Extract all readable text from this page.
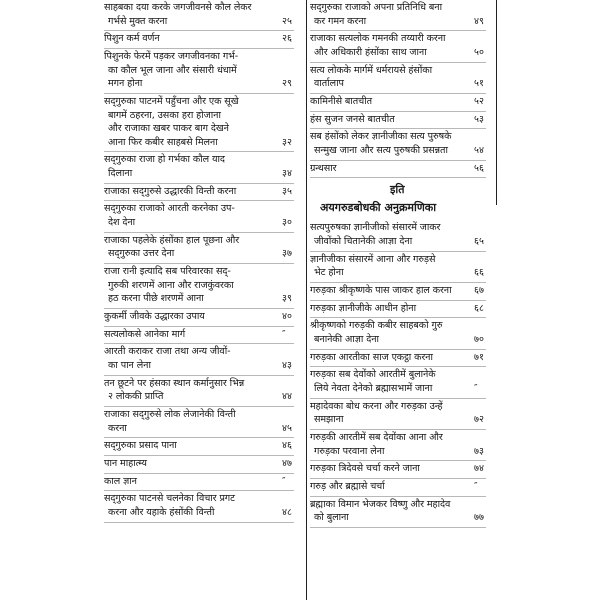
साहबका दया करके जगजीवनसे कौल लेकर
गर्भसे मुक्त करना	२५
पिशुन कर्म वर्णन	२६
पिशुनके फेरमें पड़कर जगजीवनका गर्भ-
का कौल भूल जाना और संसारी धंधामें
मगन होना	२९
सद्‌गुरुका पाटनमें पहुँचना और एक सूखे
बागमें ठहरना, उसका हरा होजाना
और राजाका खबर पाकर बाग देखने
आना फिर कबीर साहबसे मिलना	३२
सद्‌गुरुका राजा हो गर्भका कौल याद
दिलाना	३४
राजाका सद्‌गुरुसे उद्धारकी विन्ती करना	३५
सद्‌गुरुका राजाको आरती करनेका उप-
देश देना	३०
राजाका पहलेके हंसोंका हाल पूछना और
सद्‌गुरुका उत्तर देना	३७
राजा रानी इत्यादि सब परिवारका सद्‌-
गुरुकी शरणमें आना और राजकुंवरका
हठ करना पीछे शरणमें आना	३९
कुकर्मी जीवके उद्धारका उपाय	४०
सत्यलोकसे आनेका मार्ग	″
आरती कराकर राजा तथा अन्य जीवों-
का पान लेना	४३
तन छूटने पर हंसका स्थान कर्मानुसार भिन्न
२ लोककी प्राप्ति	४४
राजाका सद्‌गुरुसे लोक लेजानेकी विन्ती
करना	४५
सद्‌गुरुका प्रसाद पाना	४६
पान माहात्म्य	४७
काल ज्ञान	″
सद्‌गुरुका पाटनसे चलनेका विचार प्रगट
करना और यहाके हंसोंकी विन्ती	४८
सद्‌गुरुका राजाको अपना प्रतिनिधि बना
कर गमन करना	४९
राजाका सत्यलोक गमनकी तय्यारी करना
और अधिकारी हंसोंका साथ जाना	५०
सत्य लोकके मार्गमें धर्मरायसे हंसोंका
वार्तालाप	५१
कामिनीसे बातचीत	५२
हंस सुजन जनसे बातचीत	५३
सब हंसोंको लेकर ज्ञानीजीका सत्य पुरुषके
सन्मुख जाना और सत्य पुरुषकी प्रसन्नता	५४
ग्रन्थसार	५६
इति
अयगरुडबोधकी अनुक्रमणिका
सत्यपुरुषका ज्ञानीजीको संसारमें जाकर
जीवोंको चितानेकी आज्ञा देना	६५
ज्ञानीजीका संसारमें आना और गरुड़से
भेट होना	६६
गरुड़का श्रीकृष्णके पास जाकर हाल करना ६७
गरुड़का ज्ञानीजीके आधीन होना	६८
श्रीकृष्णको गरुड़की कबीर साहबको गुरु
बनानेकी आज्ञा देना	७०
गरुड़का आरतीका साज एकट्ठा करना	७१
गरुड़का सब देवोंको आरतीमें बुलानेके
लिये नेवता देनेको ब्रह्मासभामें जाना	″
महादेवका बोध करना और गरुड़का उन्हें
समझाना	७२
गरुड़की आरतीमें सब देवोंका आना और
गरुड़का परवाना लेना	७३
गरुड़का त्रिदेवसे चर्चा करने जाना	७४
गरुड़ और ब्रह्मासे चर्चा	″
ब्रह्माका विमान भेजकर विष्णु और महादेव
को बुलाना	७७
